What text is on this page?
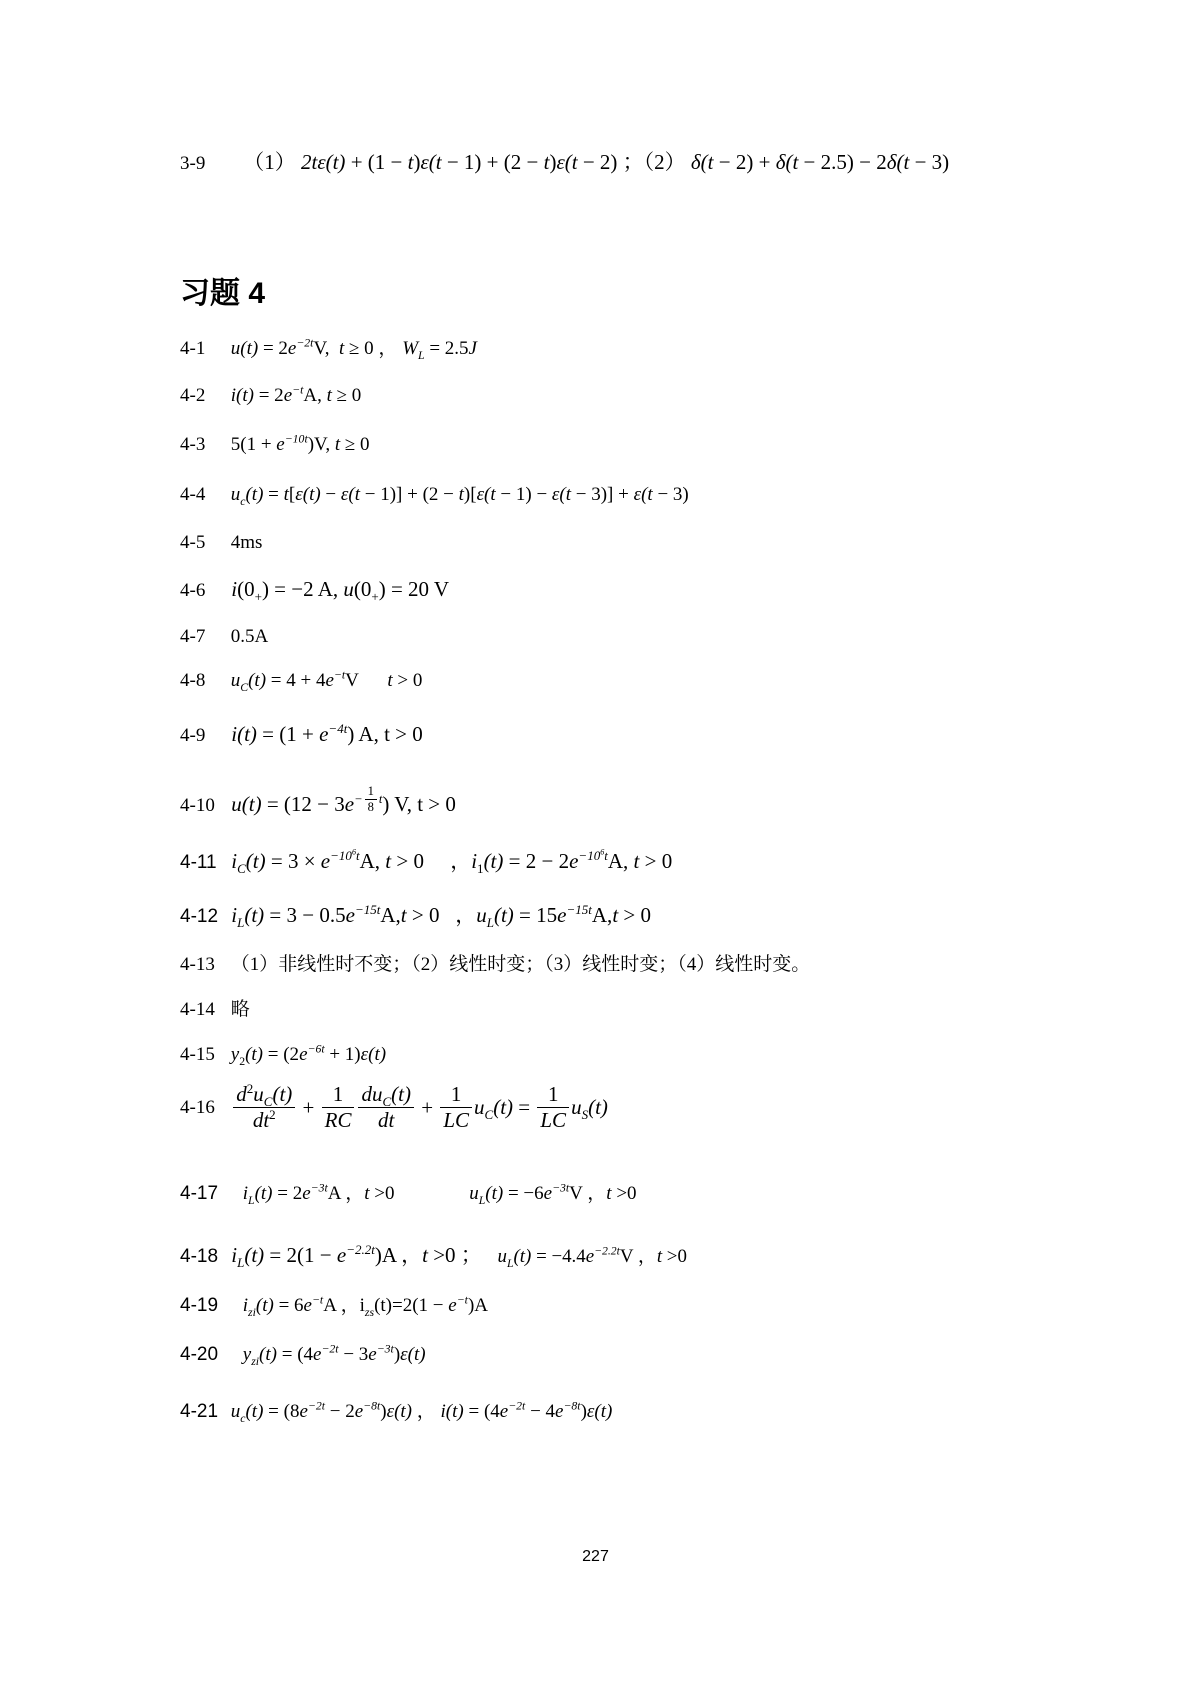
3-9 （1） 2tε(t) + (1 − t)ε(t − 1) + (2 − t)ε(t − 2) ；（2） δ(t − 2) + δ(t − 2.5) − 2δ(t − 3)
习题 4
4-1 $u(t) = 2e^{-2t}V$,  t ≥ 0 ， $W_L = 2.5J$
4-2 $i(t) = 2e^{-t}A$, t ≥ 0
4-3 $5(1 + e^{-10t})V$, t ≥ 0
4-4 $u_c(t) = t[\varepsilon(t) - \varepsilon(t - 1)] + (2 - t)[\varepsilon(t - 1) - \varepsilon(t - 3)] + \varepsilon(t - 3)$
4-5 4ms
4-6 $i(0_+) = -2$ A, $u(0_+) = 20$ V
4-7 0.5A
4-8 $u_C(t) = 4 + 4e^{-t}V$      t > 0
4-9 $i(t) = (1 + e^{-4t})$ A, t > 0
4-10 $u(t) = (12 - 3e^{- \frac{1}{8} t})$ V, t > 0
4-11 $i_C(t) = 3 \times e^{-10^6t}A$, t > 0     ，$i_1(t) = 2 - 2e^{-10^6t}A$, t > 0
4-12 $i_L(t) = 3 - 0.5e^{-15t}A,t > 0$   ，$u_L(t) = 15e^{-15t}A,t > 0$
4-13 （1）非线性时不变；（2）线性时变；（3）线性时变；（4）线性时变。
4-14 略
4-15 $y_2(t) = (2e^{-6t} + 1)\varepsilon(t)$
$4-16 \frac{d^2u_C(t)}{dt^2} + \frac{1}{RC} \frac{du_C(t)}{dt} + \frac{1}{LC} u_C(t) = \frac{1}{LC} u_S(t)$
4-17 $i_L(t) = 2e^{-3t}A$ ，t >0	$u_L(t) = -6e^{-3t}V$ ，t >0
4-18 $i_L(t) = 2(1 - e^{-2.2t})A$ ，t >0 ；   $u_L(t) = -4.4e^{-2.2t}V$ ，t >0
4-19 $i_{zi}(t) = 6e^{-t}A$ ，$i_{zs}(t)=2(1 - e^{-t})A$
4-20 $y_{zi}(t) = (4e^{-2t} - 3e^{-3t})\varepsilon(t)$
4-21 $u_c(t) = (8e^{-2t} - 2e^{-8t})\varepsilon(t)$ ， $i(t) = (4e^{-2t} - 4e^{-8t})\varepsilon(t)$
227
